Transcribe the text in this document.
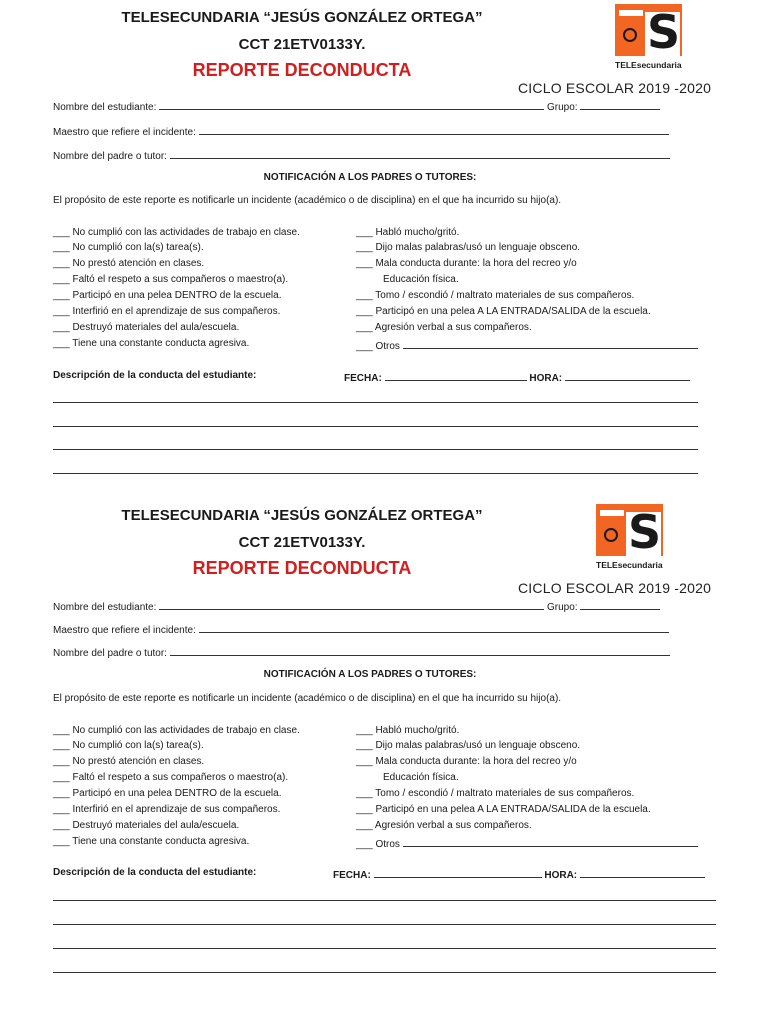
TELESECUNDARIA “JESÚS GONZÁLEZ ORTEGA”
CCT 21ETV0133Y.
REPORTE DECONDUCTA
CICLO ESCOLAR 2019 -2020
S
TELEsecundaria
Nombre del estudiante:	Grupo:
Maestro que refiere el incidente:
Nombre del padre o tutor:
NOTIFICACIÓN A LOS PADRES O TUTORES:
El propósito de este reporte es notificarle un incidente (académico o de disciplina) en el que ha incurrido su hijo(a).
___ No cumplió con las actividades de trabajo en clase.
___ No cumplió con la(s) tarea(s).
___ No prestó atención en clases.
___ Faltó el respeto a sus compañeros o maestro(a).
___ Participó en una pelea DENTRO de la escuela.
___ Interfirió en el aprendizaje de sus compañeros.
___ Destruyó materiales del aula/escuela.
___ Tiene una constante conducta agresiva.
___ Habló mucho/gritó.
___ Dijo malas palabras/usó un lenguaje obsceno.
___ Mala conducta durante: la hora del recreo y/o
Educación física.
___ Tomo / escondió / maltrato materiales de sus compañeros.
___ Participó en una pelea A LA ENTRADA/SALIDA de la escuela.
___ Agresión verbal a sus compañeros.
___ Otros
Descripción de la conducta del estudiante:	FECHA:	HORA:
TELESECUNDARIA “JESÚS GONZÁLEZ ORTEGA”
CCT 21ETV0133Y.
REPORTE DECONDUCTA
CICLO ESCOLAR 2019 -2020
S
TELEsecundaria
Nombre del estudiante:	Grupo:
Maestro que refiere el incidente:
Nombre del padre o tutor:
NOTIFICACIÓN A LOS PADRES O TUTORES:
El propósito de este reporte es notificarle un incidente (académico o de disciplina) en el que ha incurrido su hijo(a).
___ No cumplió con las actividades de trabajo en clase.
___ No cumplió con la(s) tarea(s).
___ No prestó atención en clases.
___ Faltó el respeto a sus compañeros o maestro(a).
___ Participó en una pelea DENTRO de la escuela.
___ Interfirió en el aprendizaje de sus compañeros.
___ Destruyó materiales del aula/escuela.
___ Tiene una constante conducta agresiva.
___ Habló mucho/gritó.
___ Dijo malas palabras/usó un lenguaje obsceno.
___ Mala conducta durante: la hora del recreo y/o
Educación física.
___ Tomo / escondió / maltrato materiales de sus compañeros.
___ Participó en una pelea A LA ENTRADA/SALIDA de la escuela.
___ Agresión verbal a sus compañeros.
___ Otros
Descripción de la conducta del estudiante:	FECHA:	HORA:
